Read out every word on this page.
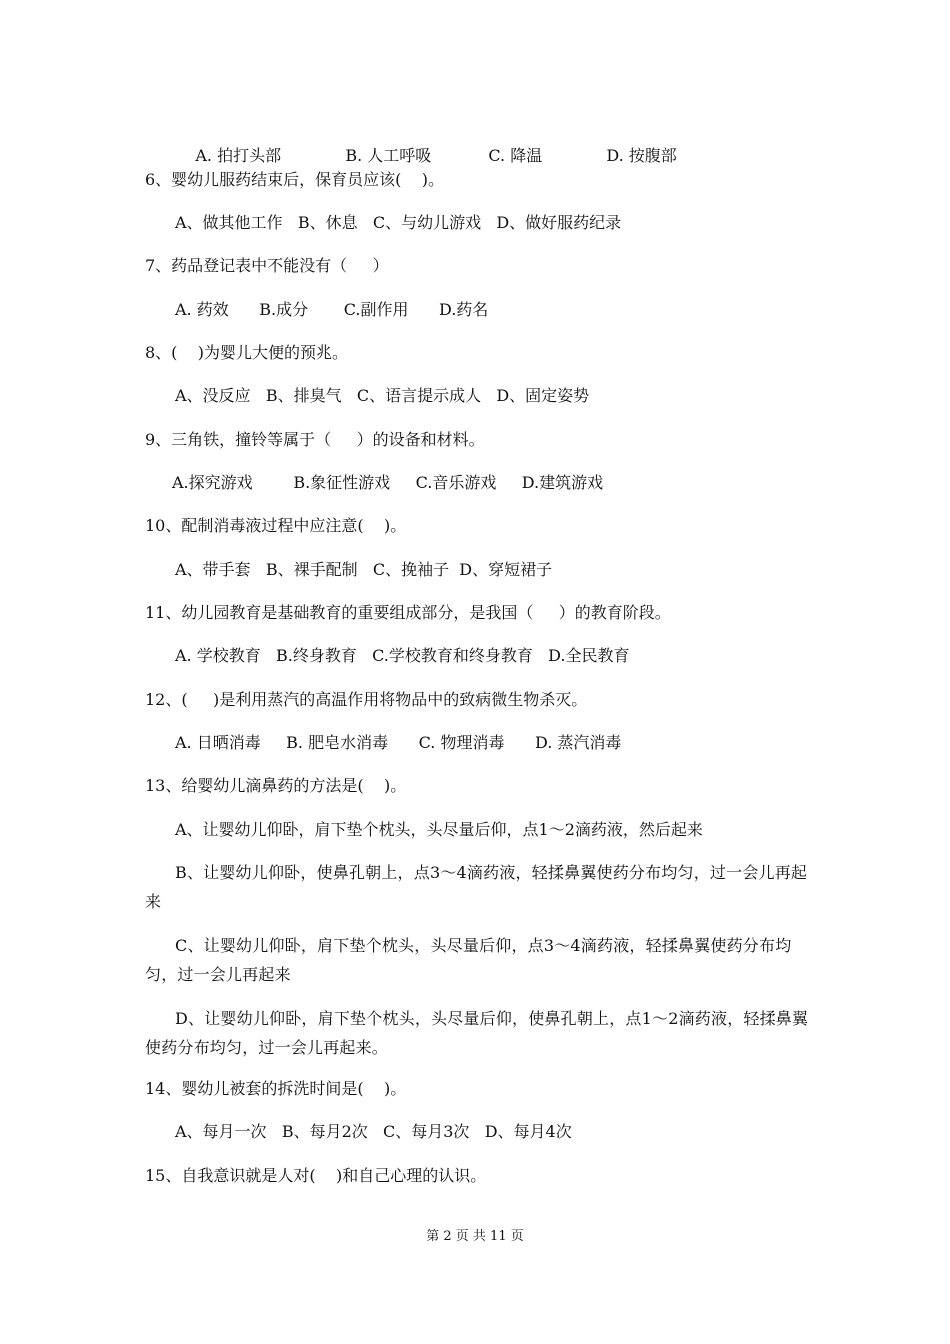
A. 拍打头部	B. 人工呼吸	C. 降温	D. 按腹部

6、婴幼儿服药结束后，保育员应该(    )。
A、做其他工作   B、休息   C、与幼儿游戏   D、做好服药纪录
7、药品登记表中不能没有（     ）
A. 药效      B.成分       C.副作用      D.药名
8、(    )为婴儿大便的预兆。
A、没反应   B、排臭气   C、语言提示成人   D、固定姿势
9、三角铁，撞铃等属于（     ）的设备和材料。
A.探究游戏        B.象征性游戏     C.音乐游戏     D.建筑游戏
10、配制消毒液过程中应注意(    )。
A、带手套   B、裸手配制   C、挽袖子  D、穿短裙子
11、幼儿园教育是基础教育的重要组成部分，是我国（     ）的教育阶段。
A. 学校教育   B.终身教育   C.学校教育和终身教育   D.全民教育
12、(     )是利用蒸汽的高温作用将物品中的致病微生物杀灭。
A. 日晒消毒     B. 肥皂水消毒      C. 物理消毒      D. 蒸汽消毒
13、给婴幼儿滴鼻药的方法是(    )。
A、让婴幼儿仰卧，肩下垫个枕头，头尽量后仰，点1～2滴药液，然后起来
B、让婴幼儿仰卧，使鼻孔朝上，点3～4滴药液，轻揉鼻翼使药分布均匀，过一会儿再起来
C、让婴幼儿仰卧，肩下垫个枕头，头尽量后仰，点3～4滴药液，轻揉鼻翼使药分布均匀，过一会儿再起来
D、让婴幼儿仰卧，肩下垫个枕头，头尽量后仰，使鼻孔朝上，点1～2滴药液，轻揉鼻翼使药分布均匀，过一会儿再起来。
14、婴幼儿被套的拆洗时间是(    )。
A、每月一次   B、每月2次   C、每月3次   D、每月4次
15、自我意识就是人对(    )和自己心理的认识。
第 2 页 共 11 页
